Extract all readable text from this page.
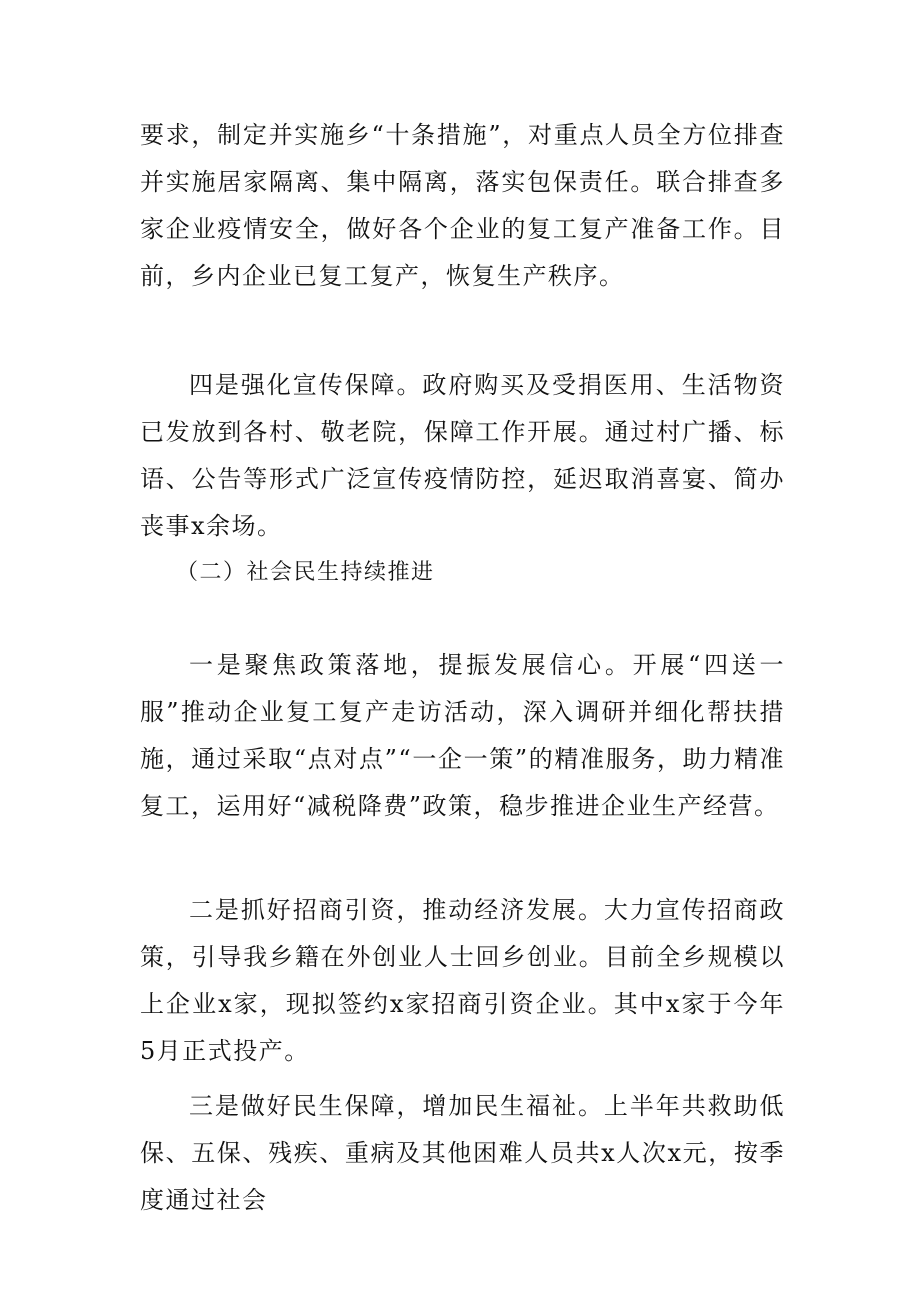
要求，制定并实施乡“十条措施”，对重点人员全方位排查并实施居家隔离、集中隔离，落实包保责任。联合排查多家企业疫情安全，做好各个企业的复工复产准备工作。目前，乡内企业已复工复产，恢复生产秩序。

四是强化宣传保障。政府购买及受捐医用、生活物资已发放到各村、敬老院，保障工作开展。通过村广播、标语、公告等形式广泛宣传疫情防控，延迟取消喜宴、简办丧事x余场。

（二）社会民生持续推进

一是聚焦政策落地，提振发展信心。开展“四送一服”推动企业复工复产走访活动，深入调研并细化帮扶措施，通过采取“点对点”“一企一策”的精准服务，助力精准复工，运用好“减税降费”政策，稳步推进企业生产经营。

二是抓好招商引资，推动经济发展。大力宣传招商政策，引导我乡籍在外创业人士回乡创业。目前全乡规模以上企业x家，现拟签约x家招商引资企业。其中x家于今年5月正式投产。

三是做好民生保障，增加民生福祉。上半年共救助低保、五保、残疾、重病及其他困难人员共x人次x元，按季度通过社会
